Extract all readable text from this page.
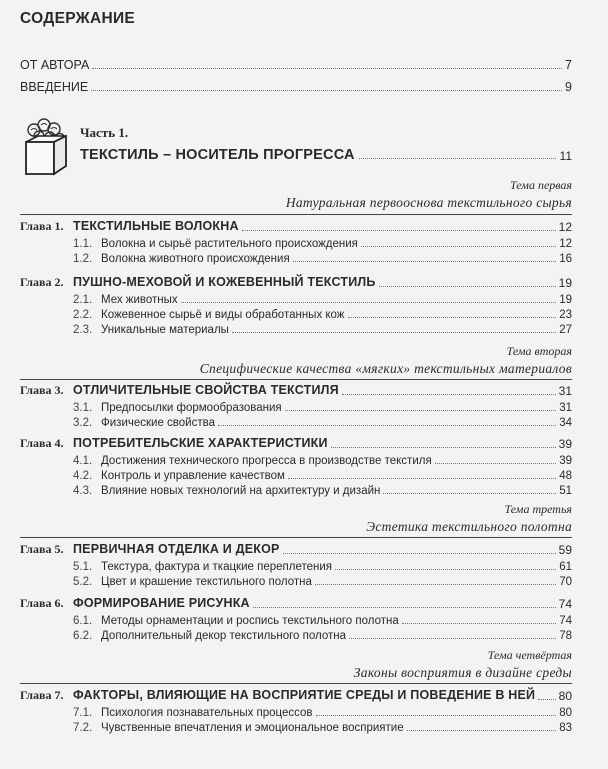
СОДЕРЖАНИЕ
ОТ АВТОРА	7
ВВЕДЕНИЕ	9
Часть 1.
ТЕКСТИЛЬ – НОСИТЕЛЬ ПРОГРЕССА	11
Тема первая
Натуральная первооснова текстильного сырья
Глава 1. ТЕКСТИЛЬНЫЕ ВОЛОКНА	12
1.1. Волокна и сырьё растительного происхождения	12
1.2. Волокна животного происхождения	16
Глава 2. ПУШНО-МЕХОВОЙ И КОЖЕВЕННЫЙ ТЕКСТИЛЬ	19
2.1. Мех животных	19
2.2. Кожевенное сырьё и виды обработанных кож	23
2.3. Уникальные материалы	27
Тема вторая
Специфические качества «мягких» текстильных материалов
Глава 3. ОТЛИЧИТЕЛЬНЫЕ СВОЙСТВА ТЕКСТИЛЯ	31
3.1. Предпосылки формообразования	31
3.2. Физические свойства	34
Глава 4. ПОТРЕБИТЕЛЬСКИЕ ХАРАКТЕРИСТИКИ	39
4.1. Достижения технического прогресса в производстве текстиля	39
4.2. Контроль и управление качеством	48
4.3. Влияние новых технологий на архитектуру и дизайн	51
Тема третья
Эстетика текстильного полотна
Глава 5. ПЕРВИЧНАЯ ОТДЕЛКА И ДЕКОР	59
5.1. Текстура, фактура и ткацкие переплетения	61
5.2. Цвет и крашение текстильного полотна	70
Глава 6. ФОРМИРОВАНИЕ РИСУНКА	74
6.1. Методы орнаментации и роспись текстильного полотна	74
6.2. Дополнительный декор текстильного полотна	78
Тема четвёртая
Законы восприятия в дизайне среды
Глава 7. ФАКТОРЫ, ВЛИЯЮЩИЕ НА ВОСПРИЯТИЕ СРЕДЫ И ПОВЕДЕНИЕ В НЕЙ 80
7.1. Психология познавательных процессов	80
7.2. Чувственные впечатления и эмоциональное восприятие	83
